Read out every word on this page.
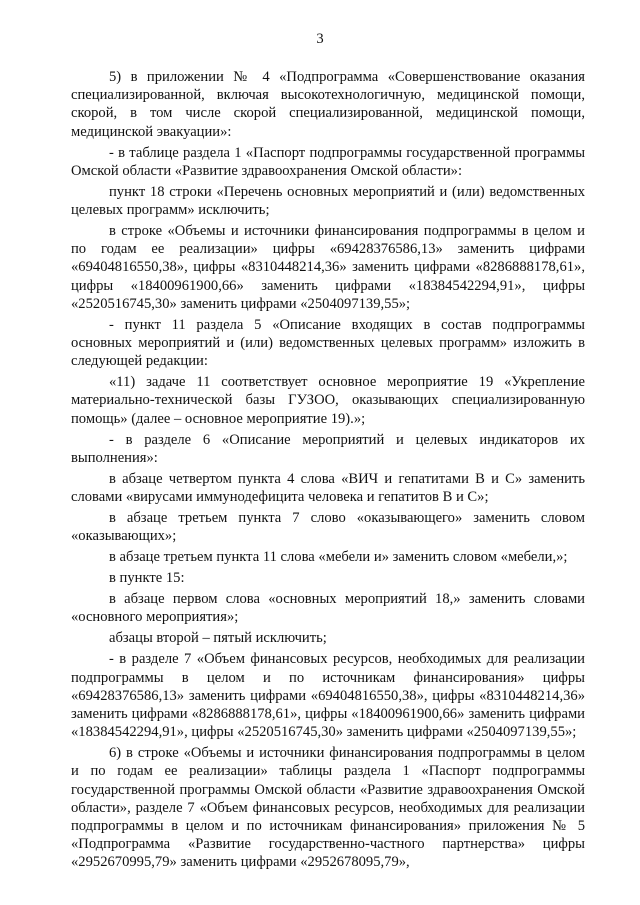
3

5) в приложении № 4 «Подпрограмма «Совершенствование оказания специализированной, включая высокотехнологичную, медицинской помощи, скорой, в том числе скорой специализированной, медицинской помощи, медицинской эвакуации»:

- в таблице раздела 1 «Паспорт подпрограммы государственной программы Омской области «Развитие здравоохранения Омской области»:

пункт 18 строки «Перечень основных мероприятий и (или) ведомственных целевых программ» исключить;

в строке «Объемы и источники финансирования подпрограммы в целом и по годам ее реализации» цифры «69428376586,13» заменить цифрами «69404816550,38», цифры «8310448214,36» заменить цифрами «8286888178,61», цифры «18400961900,66» заменить цифрами «18384542294,91», цифры «2520516745,30» заменить цифрами «2504097139,55»;

- пункт 11 раздела 5 «Описание входящих в состав подпрограммы основных мероприятий и (или) ведомственных целевых программ» изложить в следующей редакции:

«11) задаче 11 соответствует основное мероприятие 19 «Укрепление материально-технической базы ГУЗОО, оказывающих специализированную помощь» (далее – основное мероприятие 19).»;

- в разделе 6 «Описание мероприятий и целевых индикаторов их выполнения»:

в абзаце четвертом пункта 4 слова «ВИЧ и гепатитами В и С» заменить словами «вирусами иммунодефицита человека и гепатитов В и С»;

в абзаце третьем пункта 7 слово «оказывающего» заменить словом «оказывающих»;

в абзаце третьем пункта 11 слова «мебели и» заменить словом «мебели,»;

в пункте 15:

в абзаце первом слова «основных мероприятий 18,» заменить словами «основного мероприятия»;

абзацы второй – пятый исключить;

- в разделе 7 «Объем финансовых ресурсов, необходимых для реализации подпрограммы в целом и по источникам финансирования» цифры «69428376586,13» заменить цифрами «69404816550,38», цифры «8310448214,36» заменить цифрами «8286888178,61», цифры «18400961900,66» заменить цифрами «18384542294,91», цифры «2520516745,30» заменить цифрами «2504097139,55»;

6) в строке «Объемы и источники финансирования подпрограммы в целом и по годам ее реализации» таблицы раздела 1 «Паспорт подпрограммы государственной программы Омской области «Развитие здравоохранения Омской области», разделе 7 «Объем финансовых ресурсов, необходимых для реализации подпрограммы в целом и по источникам финансирования» приложения № 5 «Подпрограмма «Развитие государственно-частного партнерства» цифры «2952670995,79» заменить цифрами «2952678095,79»,
